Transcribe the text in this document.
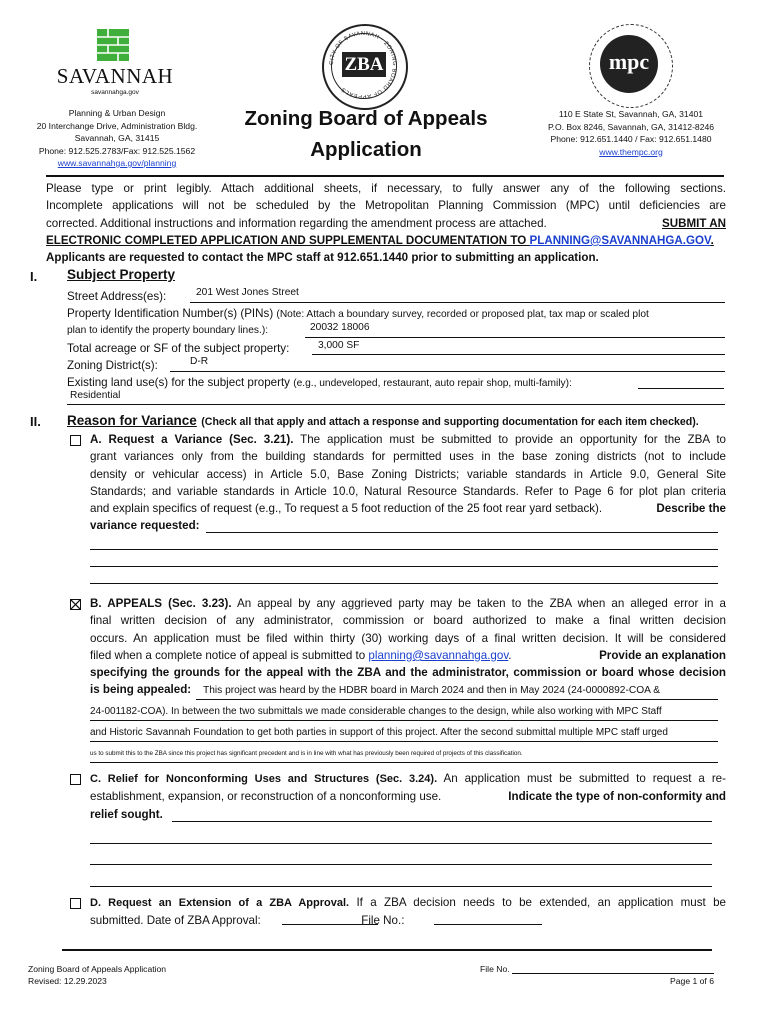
SAVANNAH
savannahga.gov
Planning & Urban Design
20 Interchange Drive, Administration Bldg.
Savannah, GA, 31415
Phone: 912.525.2783/Fax: 912.525.1562
www.savannahga.gov/planning
CITY OF SAVANNAH · ZONING BOARD OF APPEALS
ZBA
Zoning Board of Appeals
Application
mpc
110 E State St, Savannah, GA, 31401
P.O. Box 8246, Savannah, GA, 31412-8246
Phone: 912.651.1440 / Fax: 912.651.1480
www.thempc.org
Please type or print legibly. Attach additional sheets, if necessary, to fully answer any of the following sections.
Incomplete applications will not be scheduled by the Metropolitan Planning Commission (MPC) until deficiencies are
corrected. Additional instructions and information regarding the amendment process are attached.	SUBMIT AN
ELECTRONIC COMPLETED APPLICATION AND SUPPLEMENTAL DOCUMENTATION TO PLANNING@SAVANNAHGA.GOV.
Applicants are requested to contact the MPC staff at 912.651.1440 prior to submitting an application.
I. Subject Property
Street Address(es):	201 West Jones Street
Property Identification Number(s) (PINs) (Note: Attach a boundary survey, recorded or proposed plat, tax map or scaled plot
plan to identify the property boundary lines.):	20032 18006
Total acreage or SF of the subject property:	3,000 SF
Zoning District(s):	D-R
Existing land use(s) for the subject property (e.g., undeveloped, restaurant, auto repair shop, multi-family):
Residential
II. Reason for Variance (Check all that apply and attach a response and supporting documentation for each item checked).
A. Request a Variance (Sec. 3.21). The application must be submitted to provide an opportunity for the ZBA to
grant variances only from the building standards for permitted uses in the base zoning districts (not to include
density or vehicular access) in Article 5.0, Base Zoning Districts; variable standards in Article 9.0, General Site
Standards; and variable standards in Article 10.0, Natural Resource Standards. Refer to Page 6 for plot plan criteria
and explain specifics of request (e.g., To request a 5 foot reduction of the 25 foot rear yard setback).	Describe the
variance requested:
B. APPEALS (Sec. 3.23). An appeal by any aggrieved party may be taken to the ZBA when an alleged error in a
final written decision of any administrator, commission or board authorized to make a final written decision
occurs. An application must be filed within thirty (30) working days of a final written decision. It will be considered
filed when a complete notice of appeal is submitted to planning@savannahga.gov.	Provide an explanation
specifying the grounds for the appeal with the ZBA and the administrator, commission or board whose decision
is being appealed:	This project was heard by the HDBR board in March 2024 and then in May 2024 (24-0000892-COA &
24-001182-COA). In between the two submittals we made considerable changes to the design, while also working with MPC Staff
and Historic Savannah Foundation to get both parties in support of this project. After the second submittal multiple MPC staff urged
us to submit this to the ZBA since this project has significant precedent and is in line with what has previously been required of projects of this classification.
C. Relief for Nonconforming Uses and Structures (Sec. 3.24). An application must be submitted to request a re-
establishment, expansion, or reconstruction of a nonconforming use.	Indicate the type of non-conformity and
relief sought.
D. Request an Extension of a ZBA Approval. If a ZBA decision needs to be extended, an application must be
submitted. Date of ZBA Approval:	File No.:
Zoning Board of Appeals Application
Revised: 12.29.2023
File No.
Page 1 of 6
